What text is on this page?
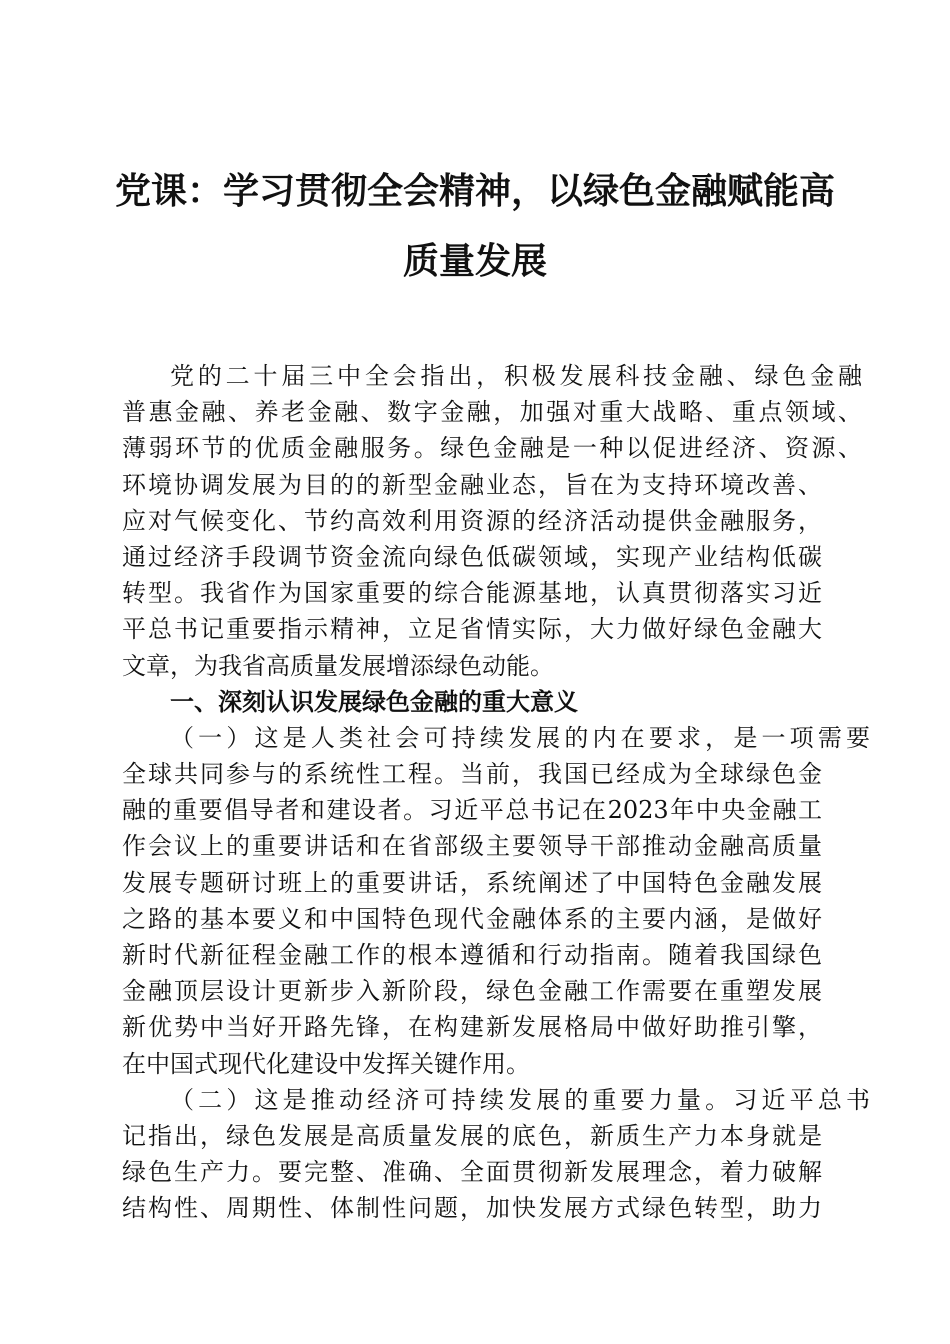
党课：学习贯彻全会精神，以绿色金融赋能高
质量发展
党的二十届三中全会指出，积极发展科技金融、绿色金融
普惠金融、养老金融、数字金融，加强对重大战略、重点领域、
薄弱环节的优质金融服务。绿色金融是一种以促进经济、资源、
环境协调发展为目的的新型金融业态，旨在为支持环境改善、
应对气候变化、节约高效利用资源的经济活动提供金融服务，
通过经济手段调节资金流向绿色低碳领域，实现产业结构低碳
转型。我省作为国家重要的综合能源基地，认真贯彻落实习近
平总书记重要指示精神，立足省情实际，大力做好绿色金融大
文章，为我省高质量发展增添绿色动能。
一、深刻认识发展绿色金融的重大意义
（一）这是人类社会可持续发展的内在要求，是一项需要
全球共同参与的系统性工程。当前，我国已经成为全球绿色金
融的重要倡导者和建设者。习近平总书记在2023年中央金融工
作会议上的重要讲话和在省部级主要领导干部推动金融高质量
发展专题研讨班上的重要讲话，系统阐述了中国特色金融发展
之路的基本要义和中国特色现代金融体系的主要内涵，是做好
新时代新征程金融工作的根本遵循和行动指南。随着我国绿色
金融顶层设计更新步入新阶段，绿色金融工作需要在重塑发展
新优势中当好开路先锋，在构建新发展格局中做好助推引擎，
在中国式现代化建设中发挥关键作用。
（二）这是推动经济可持续发展的重要力量。习近平总书
记指出，绿色发展是高质量发展的底色，新质生产力本身就是
绿色生产力。要完整、准确、全面贯彻新发展理念，着力破解
结构性、周期性、体制性问题，加快发展方式绿色转型，助力
